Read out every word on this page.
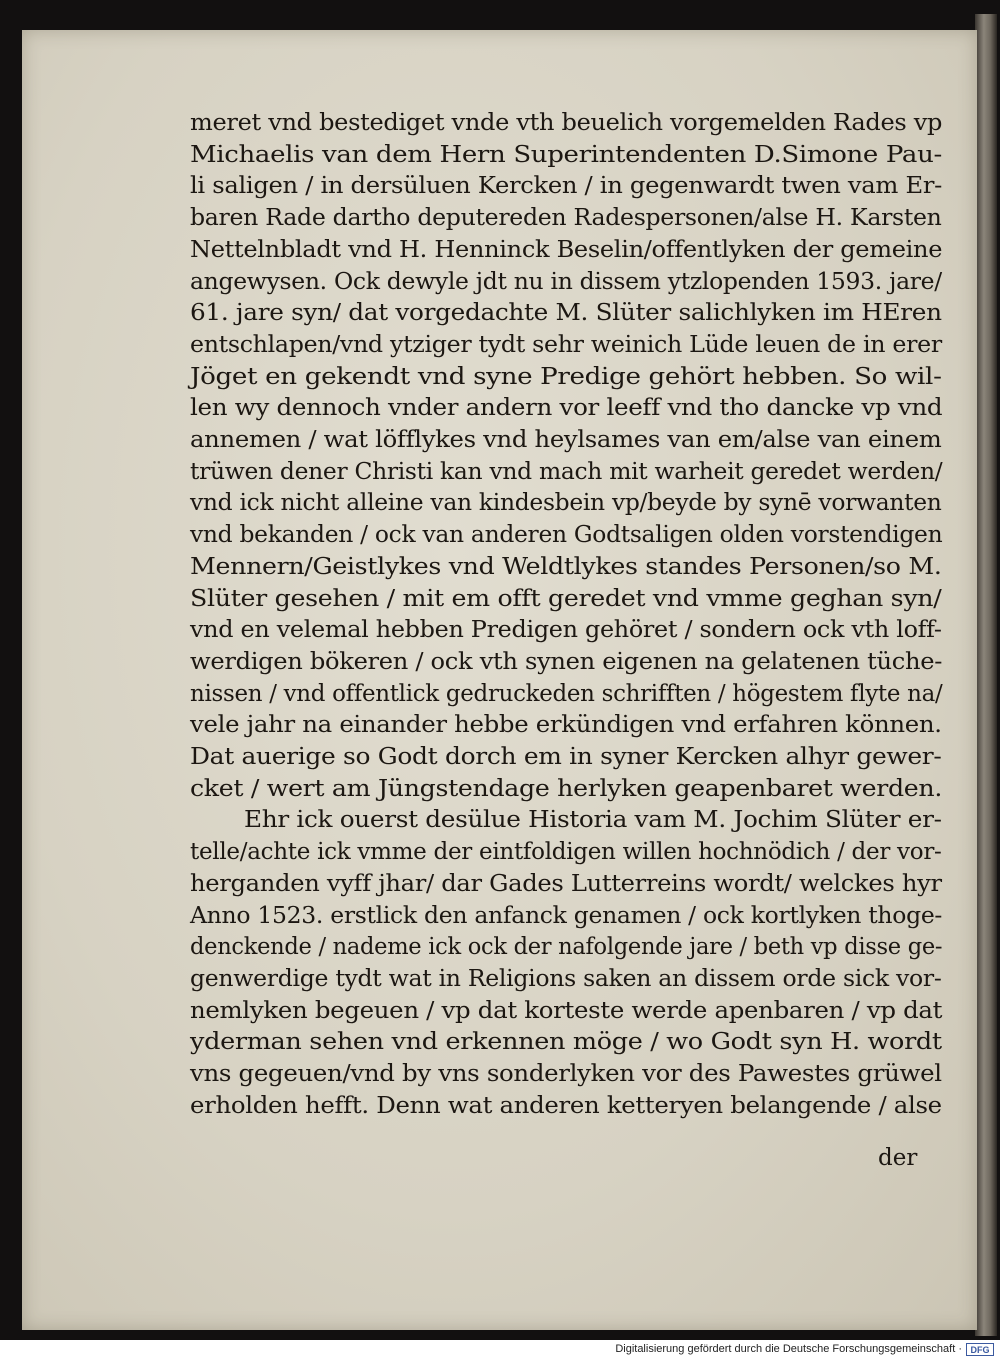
meret vnd bestediget vnde vth beuelich vorgemelden Rades vp
Michaelis van dem Hern Superintendenten D.Simone Pau-
li saligen / in dersüluen Kercken / in gegenwardt twen vam Er-
baren Rade dartho deputereden Radespersonen/alse H. Karsten
Nettelnbladt vnd H. Henninck Beselin/offentlyken der gemeine
angewysen. Ock dewyle jdt nu in dissem ytzlopenden 1593. jare/
61. jare syn/ dat vorgedachte M. Slüter salichlyken im HEren
entschlapen/vnd ytziger tydt sehr weinich Lüde leuen de in erer
Jöget en gekendt vnd syne Predige gehört hebben. So wil-
len wy dennoch vnder andern vor leeff vnd tho dancke vp vnd
annemen / wat löfflykes vnd heylsames van em/alse van einem
trüwen dener Christi kan vnd mach mit warheit geredet werden/
vnd ick nicht alleine van kindesbein vp/beyde by synē vorwanten
vnd bekanden / ock van anderen Godtsaligen olden vorstendigen
Mennern/Geistlykes vnd Weldtlykes standes Personen/so M.
Slüter gesehen / mit em offt geredet vnd vmme geghan syn/
vnd en velemal hebben Predigen gehöret / sondern ock vth loff-
werdigen bökeren / ock vth synen eigenen na gelatenen tüche-
nissen / vnd offentlick gedruckeden schrifften / högestem flyte na/
vele jahr na einander hebbe erkündigen vnd erfahren können.
Dat auerige so Godt dorch em in syner Kercken alhyr gewer-
cket / wert am Jüngstendage herlyken geapenbaret werden.
Ehr ick ouerst desülue Historia vam M. Jochim Slüter er-
telle/achte ick vmme der eintfoldigen willen hochnödich / der vor-
herganden vyff jhar/ dar Gades Lutterreins wordt/ welckes hyr
Anno 1523. erstlick den anfanck genamen / ock kortlyken thoge-
denckende / nademe ick ock der nafolgende jare / beth vp disse ge-
genwerdige tydt wat in Religions saken an dissem orde sick vor-
nemlyken begeuen / vp dat korteste werde apenbaren / vp dat
yderman sehen vnd erkennen möge / wo Godt syn H. wordt
vns gegeuen/vnd by vns sonderlyken vor des Pawestes grüwel
erholden hefft. Denn wat anderen ketteryen belangende / alse
der
Digitalisierung gefördert durch die Deutsche Forschungsgemeinschaft · DFG
